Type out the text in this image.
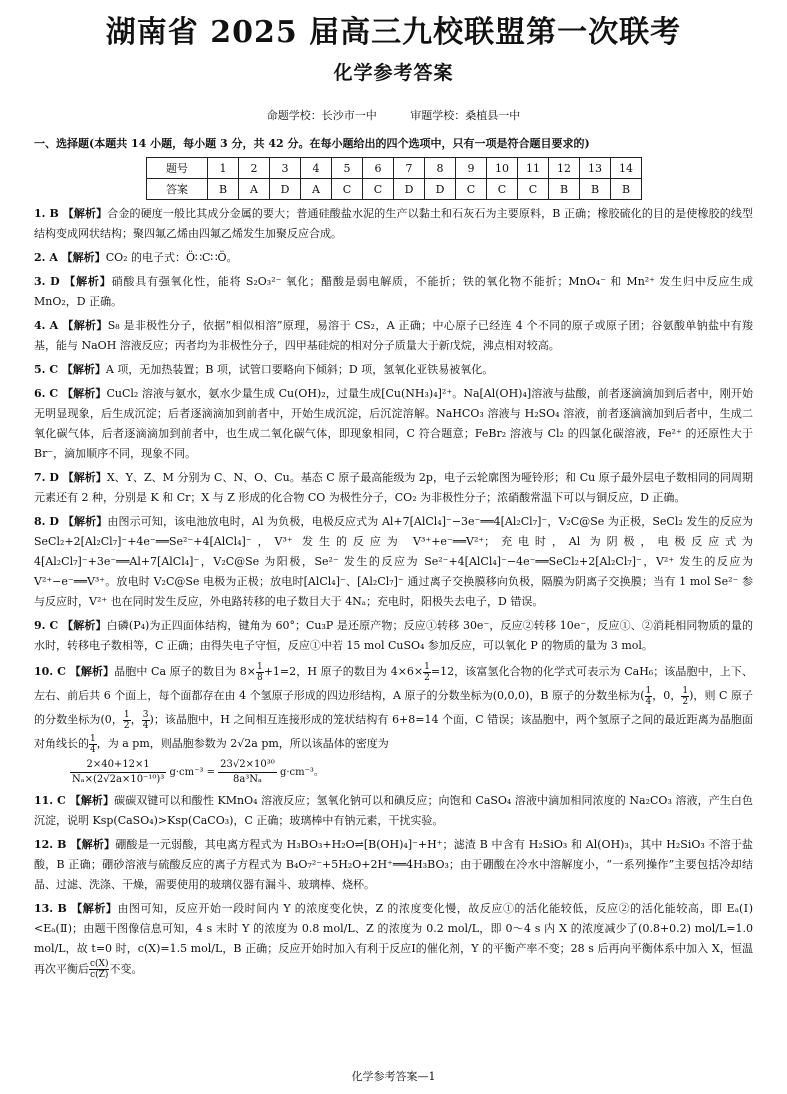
湖南省 2025 届高三九校联盟第一次联考
化学参考答案
命题学校：长沙市一中	审题学校：桑植县一中
一、选择题(本题共 14 小题，每小题 3 分，共 42 分。在每小题给出的四个选项中，只有一项是符合题目要求的)
题号	1	2	3	4	5	6	7	8	9	10	11	12	13	14
答案	B	A	D	A	C	C	D	D	C	C	C	B	B	B
1. B 【解析】合金的硬度一般比其成分金属的要大；普通硅酸盐水泥的生产以黏土和石灰石为主要原料，B 正确；橡胶硫化的目的是使橡胶的线型结构变成网状结构；聚四氟乙烯由四氟乙烯发生加聚反应合成。
2. A 【解析】CO₂ 的电子式：Ö∷C∷Ö。
3. D 【解析】硝酸具有强氧化性，能将 S₂O₃²⁻ 氧化；醋酸是弱电解质，不能折；铁的氧化物不能折；MnO₄⁻ 和 Mn²⁺ 发生归中反应生成 MnO₂，D 正确。
4. A 【解析】S₈ 是非极性分子，依据“相似相溶”原理，易溶于 CS₂，A 正确；中心原子已经连 4 个不同的原子或原子团；谷氨酸单钠盐中有羧基，能与 NaOH 溶液反应；丙者均为非极性分子，四甲基硅烷的相对分子质量大于新戊烷，沸点相对较高。
5. C 【解析】A 项，无加热装置；B 项，试管口要略向下倾斜；D 项，氢氧化亚铁易被氧化。
6. C 【解析】CuCl₂ 溶液与氨水，氨水少量生成 Cu(OH)₂，过量生成[Cu(NH₃)₄]²⁺。Na[Al(OH)₄]溶液与盐酸，前者逐滴滴加到后者中，刚开始无明显现象，后生成沉淀；后者逐滴滴加到前者中，开始生成沉淀，后沉淀溶解。NaHCO₃ 溶液与 H₂SO₄ 溶液，前者逐滴滴加到后者中，生成二氧化碳气体，后者逐滴滴加到前者中，也生成二氧化碳气体，即现象相同，C 符合题意；FeBr₂ 溶液与 Cl₂ 的四氯化碳溶液，Fe²⁺ 的还原性大于 Br⁻，滴加顺序不同，现象不同。
7. D 【解析】X、Y、Z、M 分别为 C、N、O、Cu。基态 C 原子最高能级为 2p，电子云轮廓图为哑铃形；和 Cu 原子最外层电子数相同的同周期元素还有 2 种，分别是 K 和 Cr；X 与 Z 形成的化合物 CO 为极性分子，CO₂ 为非极性分子；浓硝酸常温下可以与铜反应，D 正确。
8. D 【解析】由图示可知，该电池放电时，Al 为负极，电极反应式为 Al+7[AlCl₄]⁻−3e⁻══4[Al₂Cl₇]⁻，V₂C@Se 为正极，SeCl₂ 发生的反应为 SeCl₂+2[Al₂Cl₇]⁻+4e⁻══Se²⁻+4[AlCl₄]⁻，V³⁺ 发生的反应为 V³⁺+e⁻══V²⁺；充电时，Al 为阴极，电极反应式为 4[Al₂Cl₇]⁻+3e⁻══Al+7[AlCl₄]⁻，V₂C@Se 为阳极，Se²⁻ 发生的反应为 Se²⁻+4[AlCl₄]⁻−4e⁻══SeCl₂+2[Al₂Cl₇]⁻，V²⁺ 发生的反应为 V²⁺−e⁻══V³⁺。放电时 V₂C@Se 电极为正极；放电时[AlCl₄]⁻、[Al₂Cl₇]⁻ 通过离子交换膜移向负极，隔膜为阴离子交换膜；当有 1 mol Se²⁻ 参与反应时，V²⁺ 也在同时发生反应，外电路转移的电子数目大于 4Nₐ；充电时，阳极失去电子，D 错误。
9. C 【解析】白磷(P₄)为正四面体结构，键角为 60°；Cu₃P 是还原产物；反应①转移 30e⁻，反应②转移 10e⁻，反应①、②消耗相同物质的量的水时，转移电子数相等，C 正确；由得失电子守恒，反应①中若 15 mol CuSO₄ 参加反应，可以氧化 P 的物质的量为 3 mol。
10. C 【解析】晶胞中 Ca 原子的数目为 $8\times \frac{1}{8} +1=2$，H 原子的数目为 $4\times 6\times \frac{1}{2} =12$，该富氢化合物的化学式可表示为 CaH₆；该晶胞中，上下、左右、前后共 6 个面上，每个面都存在由 4 个氢原子形成的四边形结构，A 原子的分数坐标为(0,0,0)，B 原子的分数坐标为( $\frac{1}{4}$ ，0， $\frac{1}{2}$ )，则 C 原子的分数坐标为(0， $\frac{1}{2}$ ， $\frac{3}{4}$ )；该晶胞中，H 之间相互连接形成的笼状结构有 6+8=14 个面，C 错误；该晶胞中，两个氢原子之间的最近距离为晶胞面对角线长的 $\frac{1}{4}$ ，为 a pm，则晶胞参数为 2√2a pm，所以该晶体的密度为
$\frac{2\times 40+12\times 1}{\text{Nₐ×(2√2a×10⁻¹⁰)³}} g\cdot cm^{-3} = \frac{\text{23√2×10³⁰}}{\text{8a³Nₐ}} g\cdot cm^{-3}$。
11. C 【解析】碳碳双键可以和酸性 KMnO₄ 溶液反应；氢氧化钠可以和碘反应；向饱和 CaSO₄ 溶液中滴加相同浓度的 Na₂CO₃ 溶液，产生白色沉淀，说明 Ksp(CaSO₄)>Ksp(CaCO₃)，C 正确；玻璃棒中有钠元素，干扰实验。
12. B 【解析】硼酸是一元弱酸，其电离方程式为 H₃BO₃+H₂O⇌[B(OH)₄]⁻+H⁺；滤渣 B 中含有 H₂SiO₃ 和 Al(OH)₃，其中 H₂SiO₃ 不溶于盐酸，B 正确；硼砂溶液与硫酸反应的离子方程式为 B₄O₇²⁻+5H₂O+2H⁺══4H₃BO₃；由于硼酸在冷水中溶解度小，“一系列操作”主要包括冷却结晶、过滤、洗涤、干燥，需要使用的玻璃仪器有漏斗、玻璃棒、烧杯。
13. B 【解析】由图可知，反应开始一段时间内 Y 的浓度变化快，Z 的浓度变化慢，故反应①的活化能较低，反应②的活化能较高，即 Eₐ(Ⅰ)<Eₐ(Ⅱ)；由题干图像信息可知，4 s 末时 Y 的浓度为 0.8 mol/L、Z 的浓度为 0.2 mol/L，即 0～4 s 内 X 的浓度减少了(0.8+0.2) mol/L=1.0 mol/L，故 t=0 时，c(X)=1.5 mol/L，B 正确；反应开始时加入有利于反应Ⅰ的催化剂，Y 的平衡产率不变；28 s 后再向平衡体系中加入 X，恒温再次平衡后 $\frac{c(X)}{c(Z)}$ 不变。
化学参考答案—1
